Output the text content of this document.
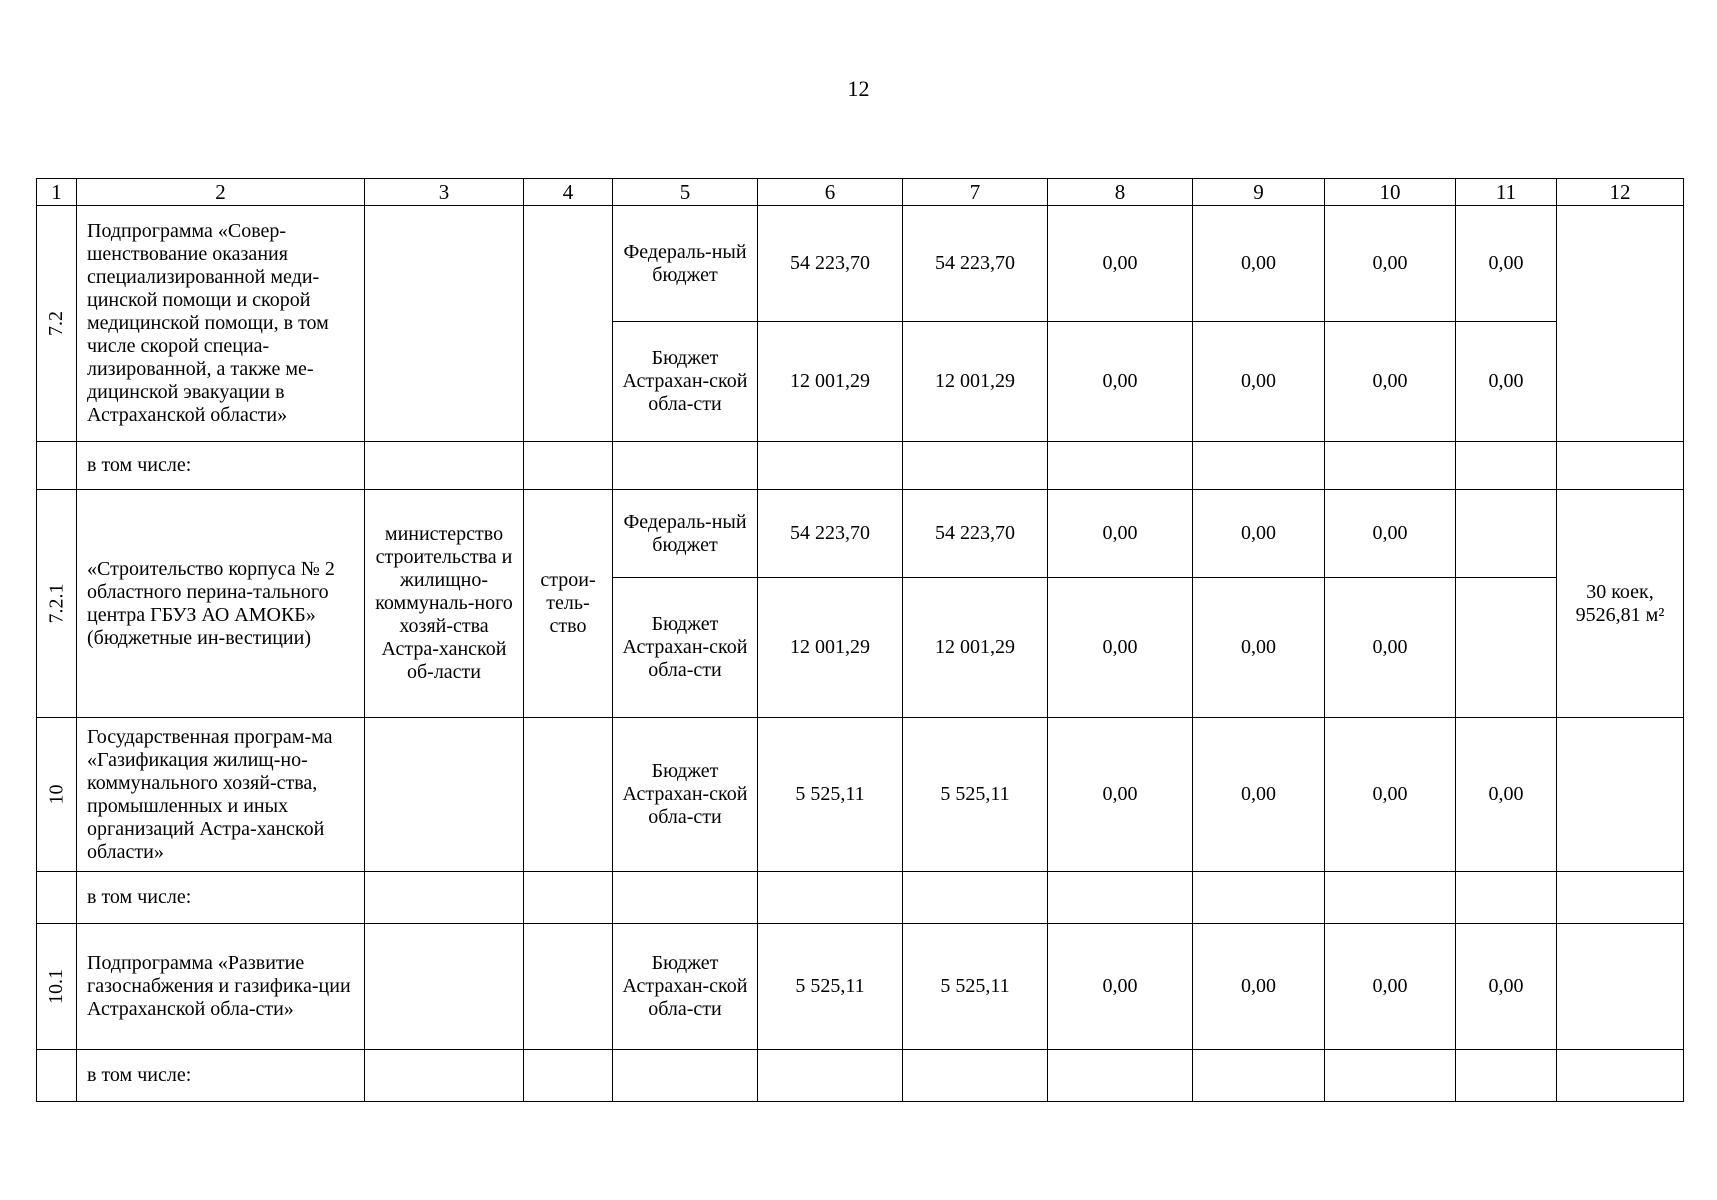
12
1	2	3	4	5	6	7	8	9	10	11	12
7.2	Подпрограмма «Совер-шенствование оказания специализированной меди-цинской помощи и скорой медицинской помощи, в том числе скорой специа-лизированной, а также ме-дицинской эвакуации в Астраханской области»			Федераль-ный бюджет	54 223,70	54 223,70	0,00	0,00	0,00	0,00	
				Бюджет Астрахан-ской обла-сти	12 001,29	12 001,29	0,00	0,00	0,00	0,00	
	в том числе:										
7.2.1	«Строительство корпуса № 2 областного перина-тального центра ГБУЗ АО АМОКБ» (бюджетные ин-вестиции)	министерство строительства и жилищно-коммуналь-ного хозяй-ства Астра-ханской об-ласти	строи-тель-ство	Федераль-ный бюджет	54 223,70	54 223,70	0,00	0,00	0,00		30 коек, 9526,81 м²
				Бюджет Астрахан-ской обла-сти	12 001,29	12 001,29	0,00	0,00	0,00		
10	Государственная програм-ма «Газификация жилищ-но-коммунального хозяй-ства, промышленных и иных организаций Астра-ханской области»			Бюджет Астрахан-ской обла-сти	5 525,11	5 525,11	0,00	0,00	0,00	0,00	
	в том числе:										
10.1	Подпрограмма «Развитие газоснабжения и газифика-ции Астраханской обла-сти»			Бюджет Астрахан-ской обла-сти	5 525,11	5 525,11	0,00	0,00	0,00	0,00	
	в том числе:										
